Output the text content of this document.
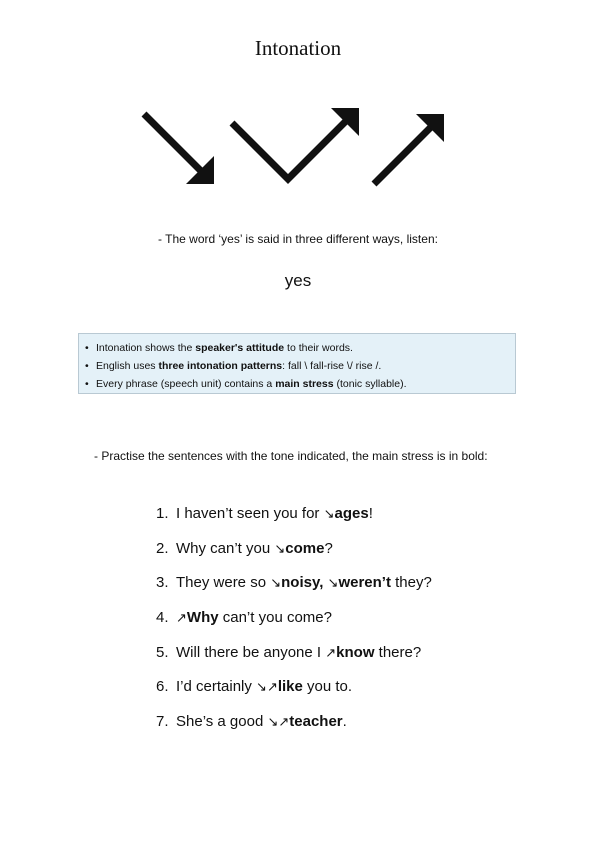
Intonation
- The word ‘yes’ is said in three different ways, listen:
yes
• Intonation shows the speaker's attitude to their words.
• English uses three intonation patterns: fall \ fall-rise \/ rise /.
• Every phrase (speech unit) contains a main stress (tonic syllable).
- Practise the sentences with the tone indicated, the main stress is in bold:
1. I haven’t seen you for ↘ages!
2. Why can’t you ↘come?
3. They were so ↘noisy, ↘weren’t they?
4. ↗Why can’t you come?
5. Will there be anyone I ↗know there?
6. I’d certainly ↘↗like you to.
7. She’s a good ↘↗teacher.
